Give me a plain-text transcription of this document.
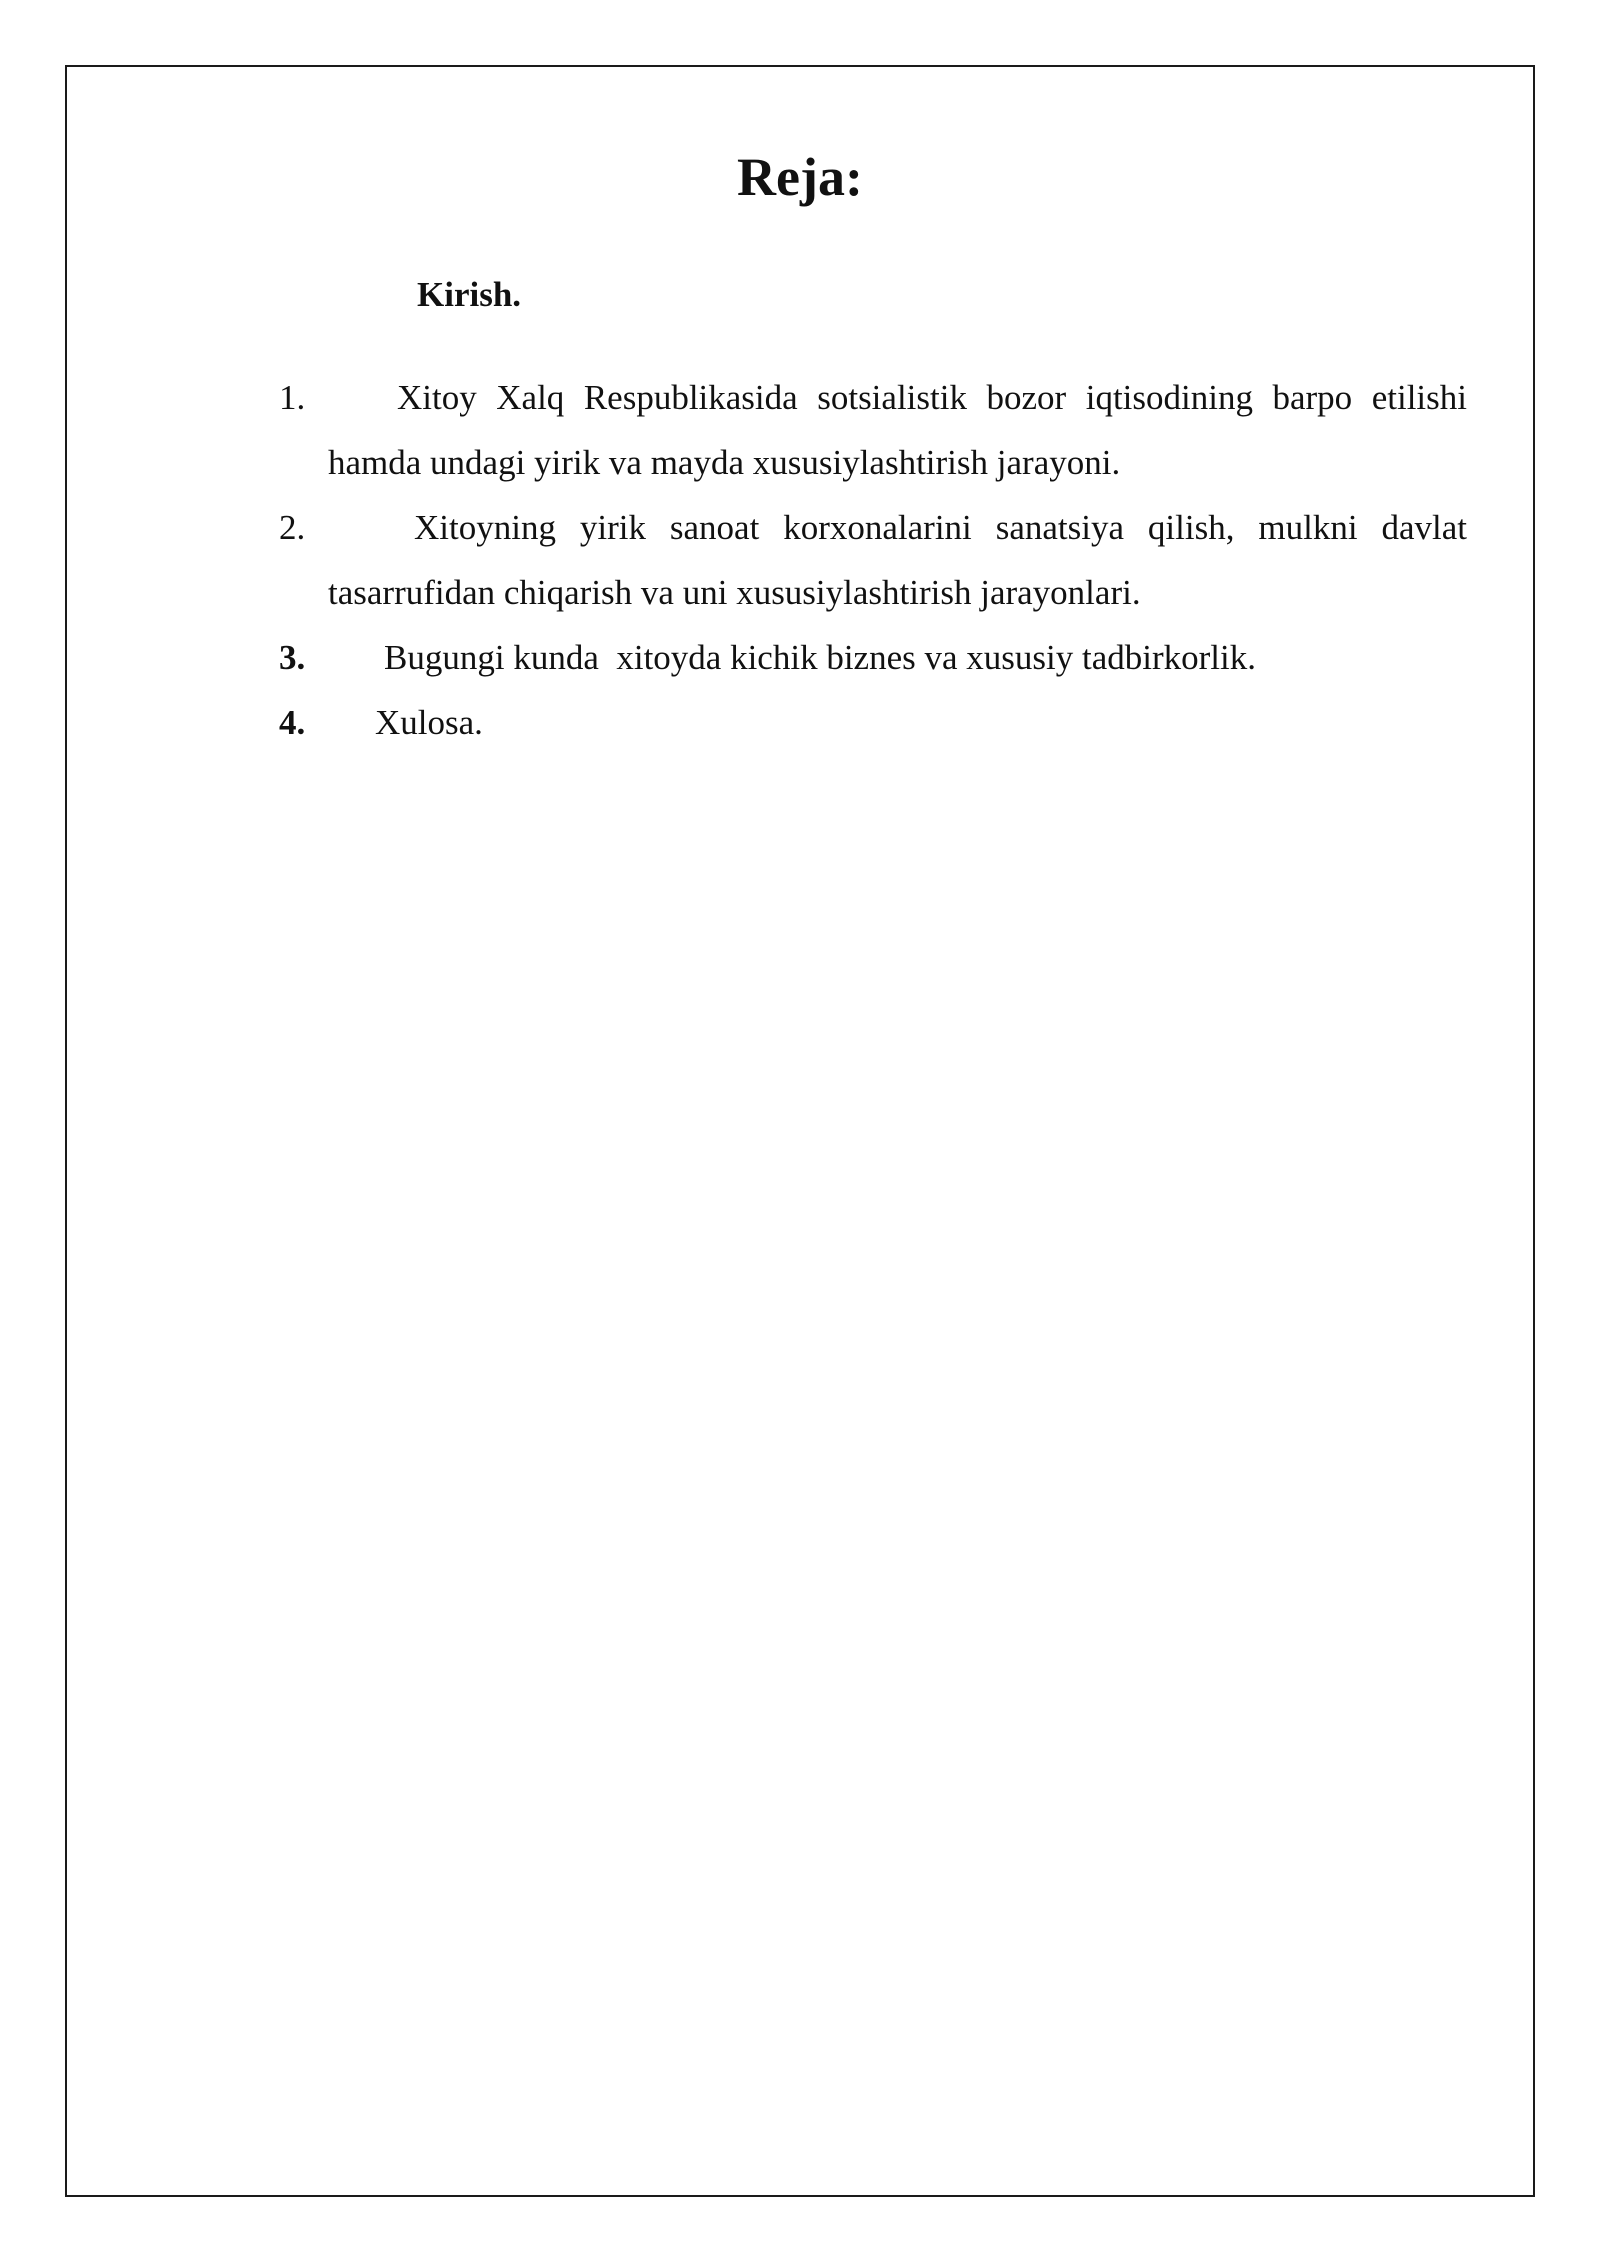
Reja:
Kirish.
1.	Xitoy Xalq Respublikasida sotsialistik bozor iqtisodining barpo etilishi
hamda undagi yirik va mayda xususiylashtirish jarayoni.
2.	Xitoyning yirik sanoat korxonalarini sanatsiya qilish, mulkni davlat
tasarrufidan chiqarish va uni xususiylashtirish jarayonlari.
3. Bugungi kunda  xitoyda kichik biznes va xususiy tadbirkorlik.
4. Xulosa.
